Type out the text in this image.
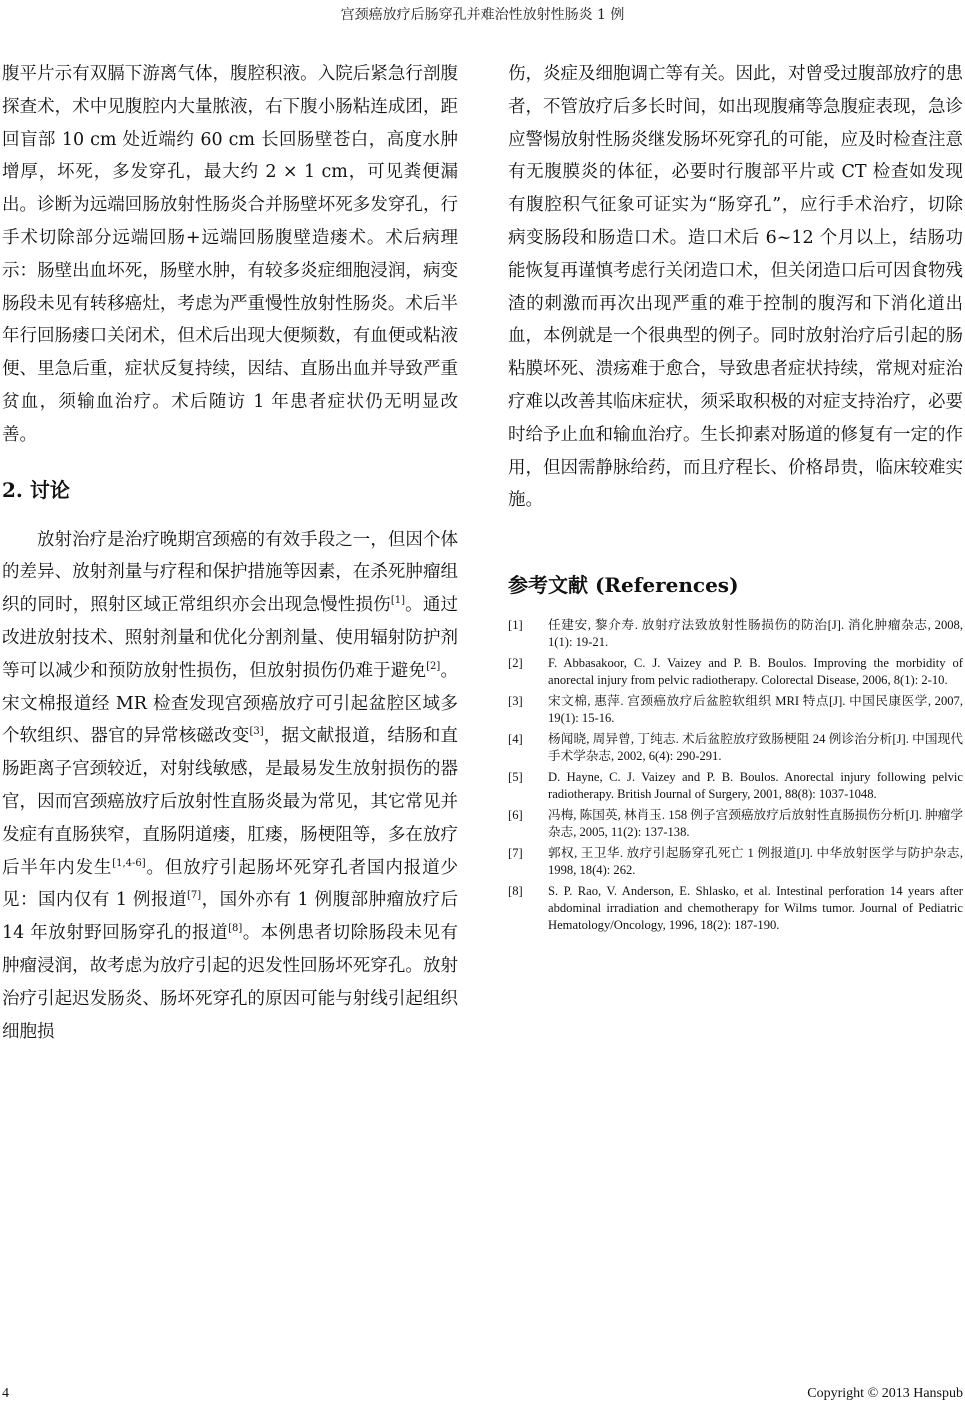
宫颈癌放疗后肠穿孔并难治性放射性肠炎 1 例

腹平片示有双膈下游离气体，腹腔积液。入院后紧急行剖腹探查术，术中见腹腔内大量脓液，右下腹小肠粘连成团，距回盲部 10 cm 处近端约 60 cm 长回肠壁苍白，高度水肿增厚，坏死，多发穿孔，最大约 2 × 1 cm，可见粪便漏出。诊断为远端回肠放射性肠炎合并肠壁坏死多发穿孔，行手术切除部分远端回肠+远端回肠腹壁造瘘术。术后病理示：肠壁出血坏死，肠壁水肿，有较多炎症细胞浸润，病变肠段未见有转移癌灶，考虑为严重慢性放射性肠炎。术后半年行回肠瘘口关闭术，但术后出现大便频数，有血便或粘液便、里急后重，症状反复持续，因结、直肠出血并导致严重贫血，须输血治疗。术后随访 1 年患者症状仍无明显改善。

2. 讨论

放射治疗是治疗晚期宫颈癌的有效手段之一，但因个体的差异、放射剂量与疗程和保护措施等因素，在杀死肿瘤组织的同时，照射区域正常组织亦会出现急慢性损伤[1]。通过改进放射技术、照射剂量和优化分割剂量、使用辐射防护剂等可以减少和预防放射性损伤，但放射损伤仍难于避免[2]。宋文棉报道经 MR 检查发现宫颈癌放疗可引起盆腔区域多个软组织、器官的异常核磁改变[3]，据文献报道，结肠和直肠距离子宫颈较近，对射线敏感，是最易发生放射损伤的器官，因而宫颈癌放疗后放射性直肠炎最为常见，其它常见并发症有直肠狭窄，直肠阴道瘘，肛瘘，肠梗阻等，多在放疗后半年内发生[1,4-6]。但放疗引起肠坏死穿孔者国内报道少见：国内仅有 1 例报道[7]，国外亦有 1 例腹部肿瘤放疗后 14 年放射野回肠穿孔的报道[8]。本例患者切除肠段未见有肿瘤浸润，故考虑为放疗引起的迟发性回肠坏死穿孔。放射治疗引起迟发肠炎、肠坏死穿孔的原因可能与射线引起组织细胞损

伤，炎症及细胞调亡等有关。因此，对曾受过腹部放疗的患者，不管放疗后多长时间，如出现腹痛等急腹症表现，急诊应警惕放射性肠炎继发肠坏死穿孔的可能，应及时检查注意有无腹膜炎的体征，必要时行腹部平片或 CT 检查如发现有腹腔积气征象可证实为“肠穿孔”，应行手术治疗，切除病变肠段和肠造口术。造口术后 6~12 个月以上，结肠功能恢复再谨慎考虑行关闭造口术，但关闭造口后可因食物残渣的刺激而再次出现严重的难于控制的腹泻和下消化道出血，本例就是一个很典型的例子。同时放射治疗后引起的肠粘膜坏死、溃疡难于愈合，导致患者症状持续，常规对症治疗难以改善其临床症状，须采取积极的对症支持治疗，必要时给予止血和输血治疗。生长抑素对肠道的修复有一定的作用，但因需静脉给药，而且疗程长、价格昂贵，临床较难实施。

参考文献 (References)
[1]	任建安, 黎介寿. 放射疗法致放射性肠损伤的防治[J]. 消化肿瘤杂志, 2008, 1(1): 19-21.
[2]	F. Abbasakoor, C. J. Vaizey and P. B. Boulos. Improving the morbidity of anorectal injury from pelvic radiotherapy. Colorectal Disease, 2006, 8(1): 2-10.
[3]	宋文棉, 惠萍. 宫颈癌放疗后盆腔软组织 MRI 特点[J]. 中国民康医学, 2007, 19(1): 15-16.
[4]	杨闻晓, 周异曾, 丁纯志. 术后盆腔放疗致肠梗阻 24 例诊治分析[J]. 中国现代手术学杂志, 2002, 6(4): 290-291.
[5]	D. Hayne, C. J. Vaizey and P. B. Boulos. Anorectal injury following pelvic radiotherapy. British Journal of Surgery, 2001, 88(8): 1037-1048.
[6]	冯梅, 陈国英, 林肖玉. 158 例子宫颈癌放疗后放射性直肠损伤分析[J]. 肿瘤学杂志, 2005, 11(2): 137-138.
[7]	郭权, 王卫华. 放疗引起肠穿孔死亡 1 例报道[J]. 中华放射医学与防护杂志, 1998, 18(4): 262.
[8]	S. P. Rao, V. Anderson, E. Shlasko, et al. Intestinal perforation 14 years after abdominal irradiation and chemotherapy for Wilms tumor. Journal of Pediatric Hematology/Oncology, 1996, 18(2): 187-190.
4	Copyright © 2013 Hanspub
